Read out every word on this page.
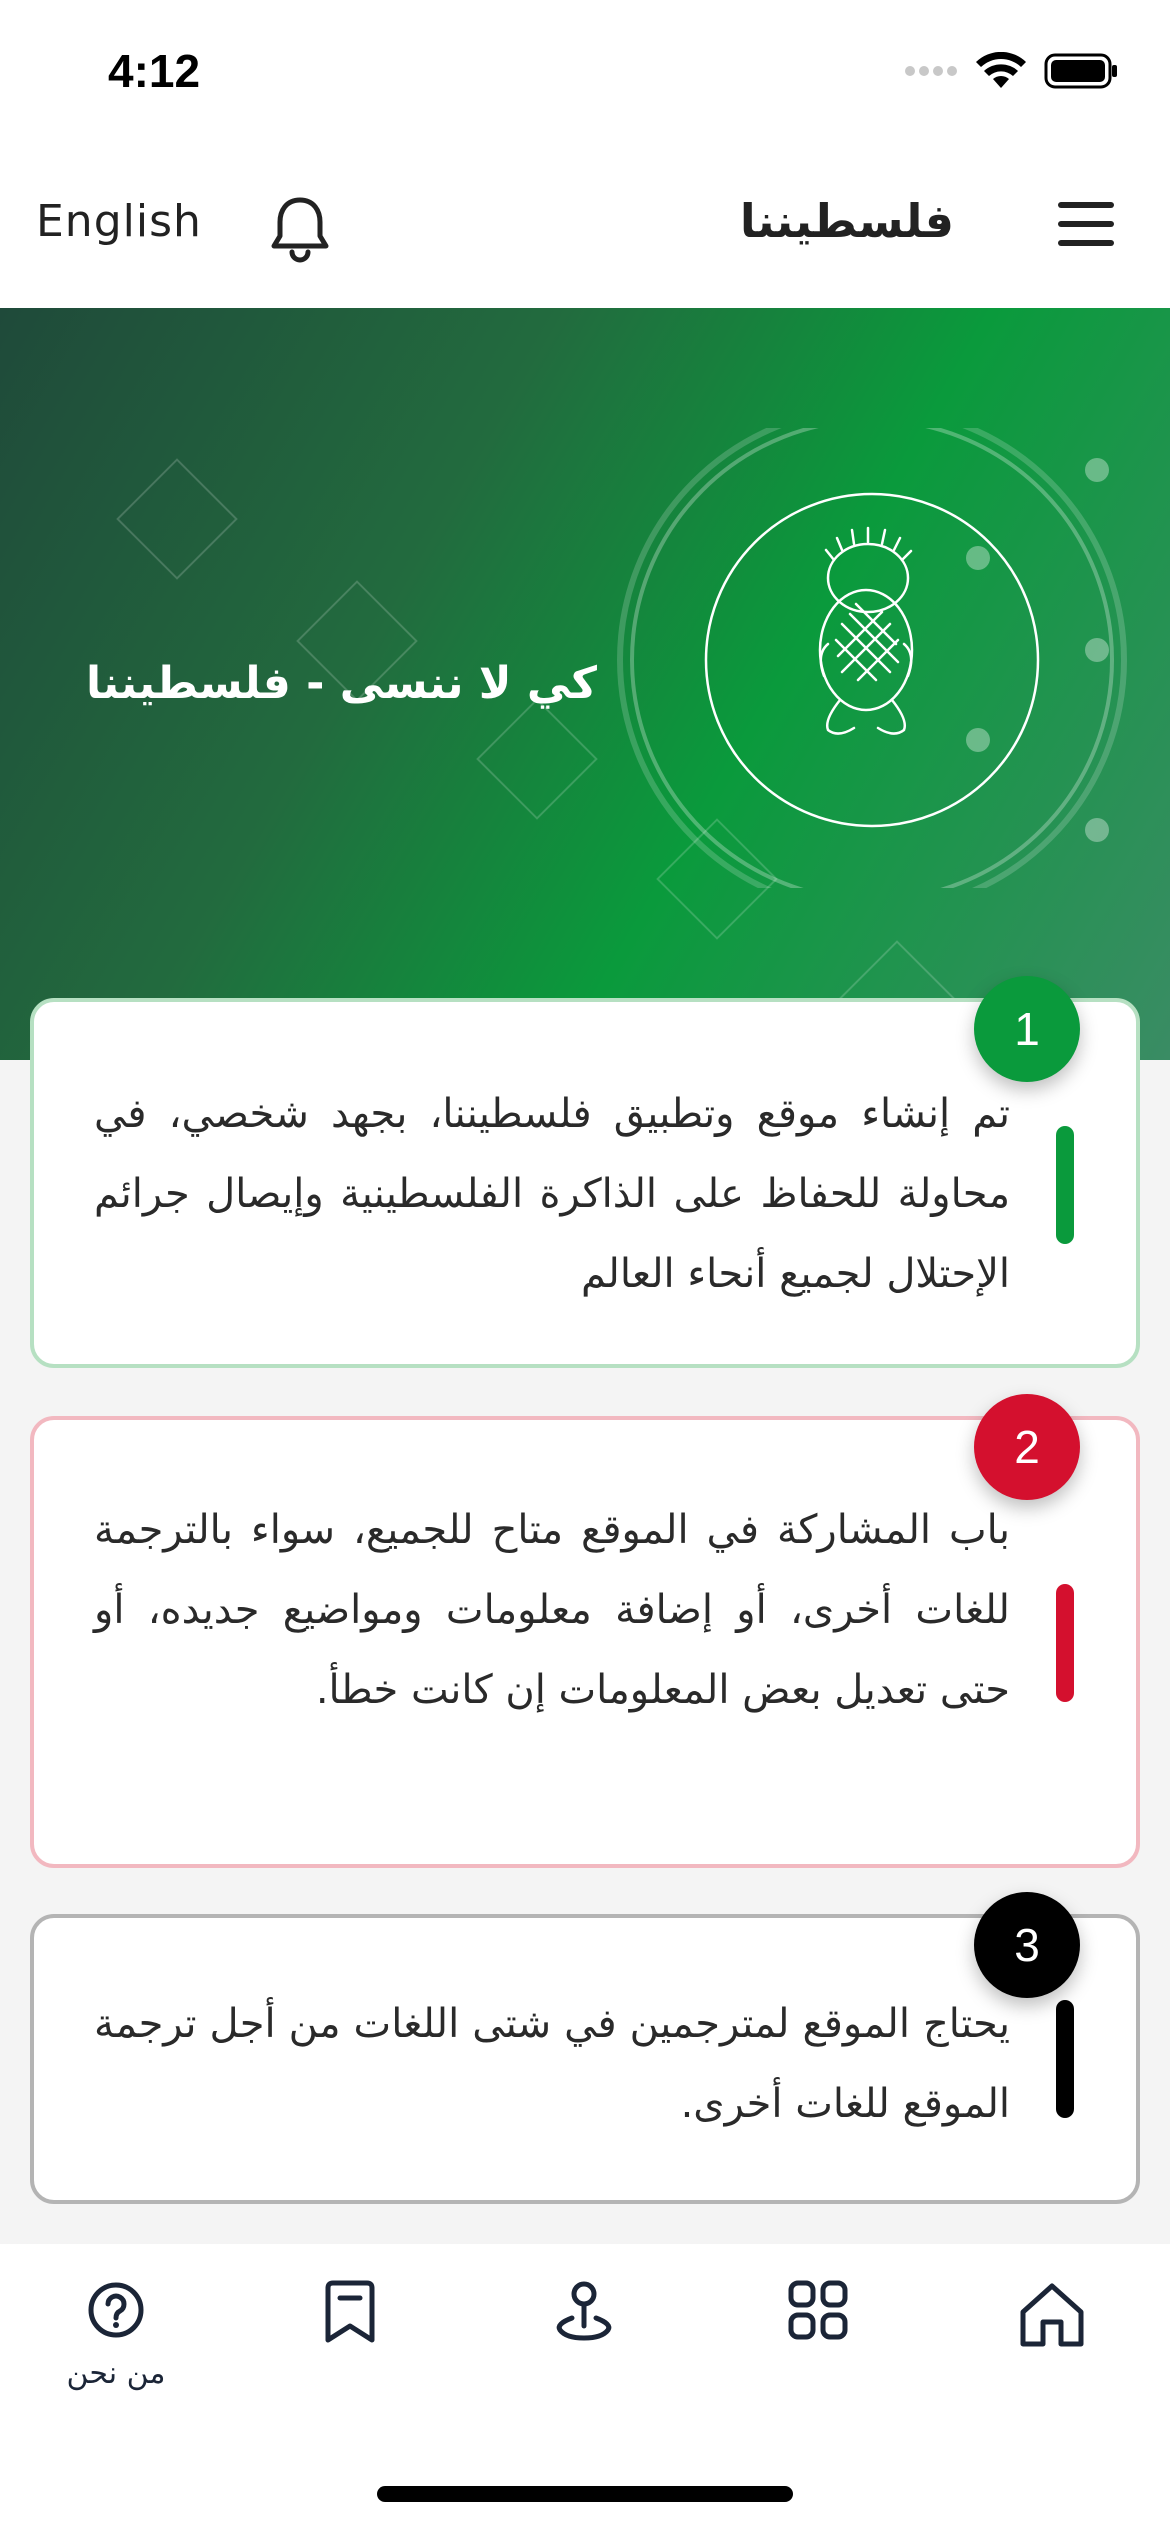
4:12
English	فلسطيننا
كي لا ننسى - فلسطيننا
1
تم إنشاء موقع وتطبيق فلسطيننا، بجهد شخصي، في محاولة للحفاظ على الذاكرة الفلسطينية وإيصال جرائم الإحتلال لجميع أنحاء العالم
2
باب المشاركة في الموقع متاح للجميع، سواء بالترجمة للغات أخرى، أو إضافة معلومات ومواضيع جديده، أو حتى تعديل بعض المعلومات إن كانت خطأ.
3
يحتاج الموقع لمترجمين في شتى اللغات من أجل ترجمة الموقع للغات أخرى.
من نحن
